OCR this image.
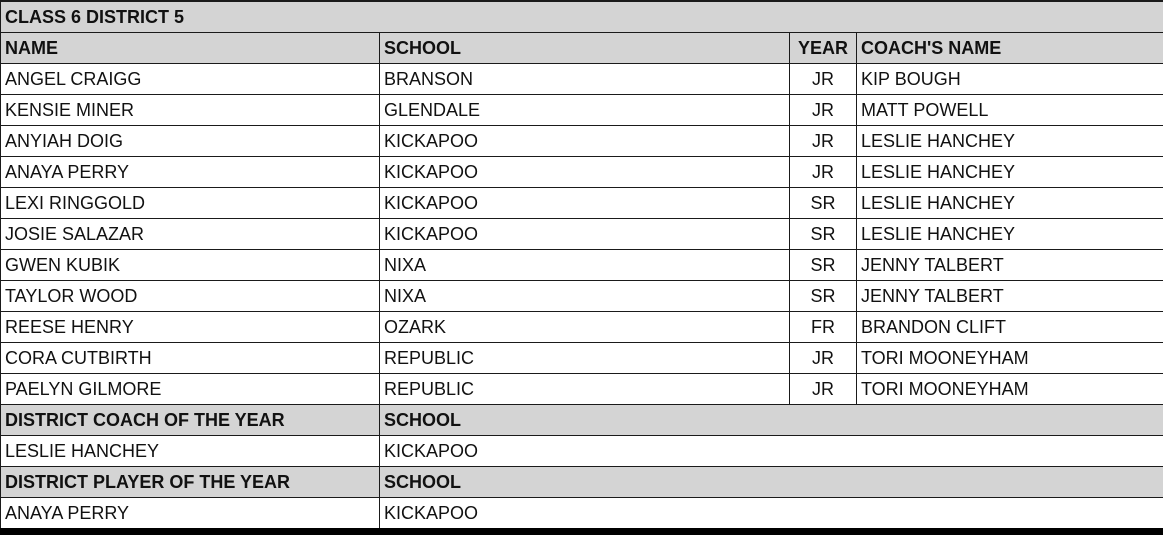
CLASS 6 DISTRICT 5			
NAME	SCHOOL	YEAR	COACH'S NAME
ANGEL CRAIGG	BRANSON	JR	KIP BOUGH
KENSIE MINER	GLENDALE	JR	MATT POWELL
ANYIAH DOIG	KICKAPOO	JR	LESLIE HANCHEY
ANAYA PERRY	KICKAPOO	JR	LESLIE HANCHEY
LEXI RINGGOLD	KICKAPOO	SR	LESLIE HANCHEY
JOSIE SALAZAR	KICKAPOO	SR	LESLIE HANCHEY
GWEN KUBIK	NIXA	SR	JENNY TALBERT
TAYLOR WOOD	NIXA	SR	JENNY TALBERT
REESE HENRY	OZARK	FR	BRANDON CLIFT
CORA CUTBIRTH	REPUBLIC	JR	TORI MOONEYHAM
PAELYN GILMORE	REPUBLIC	JR	TORI MOONEYHAM
DISTRICT COACH OF THE YEAR	SCHOOL		
LESLIE HANCHEY	KICKAPOO		
DISTRICT PLAYER OF THE YEAR	SCHOOL		
ANAYA PERRY	KICKAPOO		
